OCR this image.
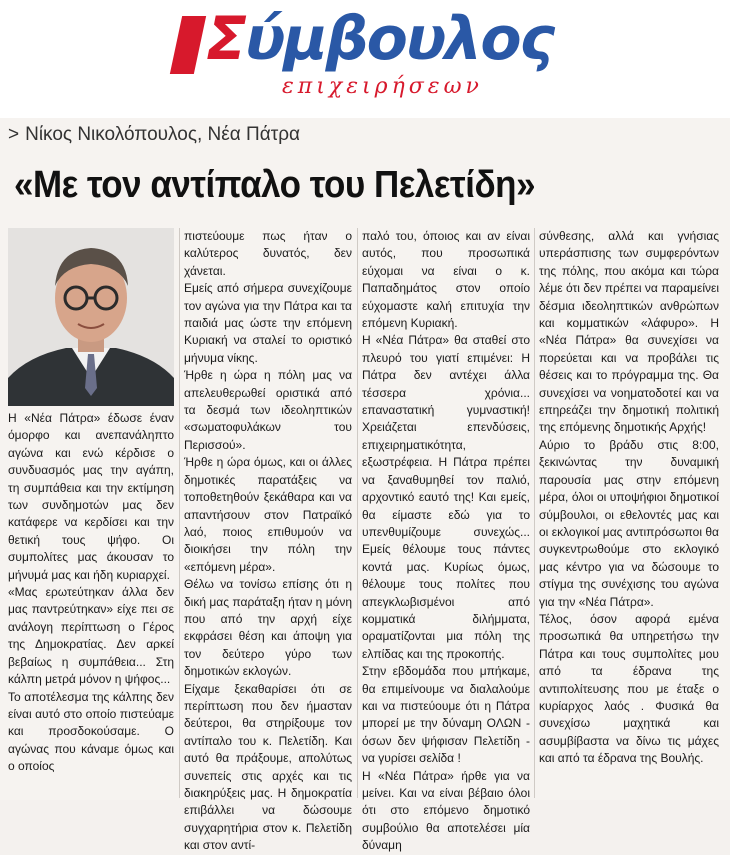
Σύμβουλος
επιχειρήσεων
> Νίκος Νικολόπουλος, Νέα Πάτρα
«Με τον αντίπαλο του Πελετίδη»

Η «Νέα Πάτρα» έδωσε έναν όμορφο και ανεπανάληπτο αγώνα και ενώ κέρδισε ο συνδυασμός μας την αγάπη, τη συμπάθεια και την εκτίμηση των συνδημοτών μας δεν κατάφερε να κερδίσει και την θετική τους ψήφο. Οι συμπολίτες μας άκουσαν το μήνυμά μας και ήδη κυριαρχεί.

«Μας ερωτεύτηκαν άλλα δεν μας παντρεύτηκαν» είχε πει σε ανάλογη περίπτωση ο Γέρος της Δημοκρατίας. Δεν αρκεί βεβαίως η συμπάθεια... Στη κάλπη μετρά μόνον η ψήφος...

Το αποτέλεσμα της κάλπης δεν είναι αυτό στο οποίο πιστεύαμε και προσδοκούσαμε. Ο αγώνας που κάναμε όμως και ο οποίος

πιστεύουμε πως ήταν ο καλύτερος δυνατός, δεν χάνεται.

Εμείς από σήμερα συνεχίζουμε τον αγώνα για την Πάτρα και τα παιδιά μας ώστε την επόμενη Κυριακή να σταλεί το οριστικό μήνυμα νίκης.

Ήρθε η ώρα η πόλη μας να απελευθερωθεί οριστικά από τα δεσμά των ιδεοληπτικών «σωματοφυλάκων του Περισσού».

Ήρθε η ώρα όμως, και οι άλλες δημοτικές παρατάξεις να τοποθετηθούν ξεκάθαρα και να απαντήσουν στον Πατραϊκό λαό, ποιος επιθυμούν να διοικήσει την πόλη την «επόμενη μέρα».

Θέλω να τονίσω επίσης ότι η δική μας παράταξη ήταν η μόνη που από την αρχή είχε εκφράσει θέση και άποψη για τον δεύτερο γύρο των δημοτικών εκλογών.

Είχαμε ξεκαθαρίσει ότι σε περίπτωση που δεν ήμασταν δεύτεροι, θα στηρίξουμε τον αντίπαλο του κ. Πελετίδη. Και αυτό θα πράξουμε, απολύτως συνεπείς στις αρχές και τις διακηρύξεις μας. Η δημοκρατία επιβάλλει να δώσουμε συγχαρητήρια στον κ. Πελετίδη και στον αντί-

παλό του, όποιος και αν είναι αυτός, που προσωπικά εύχομαι να είναι ο κ. Παπαδημάτος στον οποίο εύχομαστε καλή επιτυχία την επόμενη Κυριακή.

Η «Νέα Πάτρα» θα σταθεί στο πλευρό του γιατί επιμένει: Η Πάτρα δεν αντέχει άλλα τέσσερα χρόνια... επαναστατική γυμναστική! Χρειάζεται επενδύσεις, επιχειρηματικότητα, εξωστρέφεια. Η Πάτρα πρέπει να ξαναθυμηθεί τον παλιό, αρχοντικό εαυτό της! Και εμείς, θα είμαστε εδώ για το υπενθυμίζουμε συνεχώς... Εμείς θέλουμε τους πάντες κοντά μας. Κυρίως όμως, θέλουμε τους πολίτες που απεγκλωβισμένοι από κομματικά διλήμματα, οραματίζονται μια πόλη της ελπίδας και της προκοπής.

Στην εβδομάδα που μπήκαμε, θα επιμείνουμε να διαλαλούμε και να πιστεύουμε ότι η Πάτρα μπορεί με την δύναμη ΟΛΩΝ - όσων δεν ψήφισαν Πελετίδη - να γυρίσει σελίδα !

Η «Νέα Πάτρα» ήρθε για να μείνει. Και να είναι βέβαιο όλοι ότι στο επόμενο δημοτικό συμβούλιο θα αποτελέσει μία δύναμη

σύνθεσης, αλλά και γνήσιας υπεράσπισης των συμφερόντων της πόλης, που ακόμα και τώρα λέμε ότι δεν πρέπει να παραμείνει δέσμια ιδεοληπτικών ανθρώπων και κομματικών «λάφυρο». Η «Νέα Πάτρα» θα συνεχίσει να πορεύεται και να προβάλει τις θέσεις και το πρόγραμμα της. Θα συνεχίσει να νοηματοδοτεί και να επηρεάζει την δημοτική πολιτική της επόμενης δημοτικής Αρχής!

Αύριο το βράδυ στις 8:00, ξεκινώντας την δυναμική παρουσία μας στην επόμενη μέρα, όλοι οι υποψήφιοι δημοτικοί σύμβουλοι, οι εθελοντές μας και οι εκλογικοί μας αντιπρόσωποι θα συγκεντρωθούμε στο εκλογικό μας κέντρο για να δώσουμε το στίγμα της συνέχισης του αγώνα για την «Νέα Πάτρα».

Τέλος, όσον αφορά εμένα προσωπικά θα υπηρετήσω την Πάτρα και τους συμπολίτες μου από τα έδρανα της αντιπολίτευσης που με έταξε ο κυρίαρχος λαός . Φυσικά θα συνεχίσω μαχητικά και ασυμβίβαστα να δίνω τις μάχες και από τα έδρανα της Βουλής.
